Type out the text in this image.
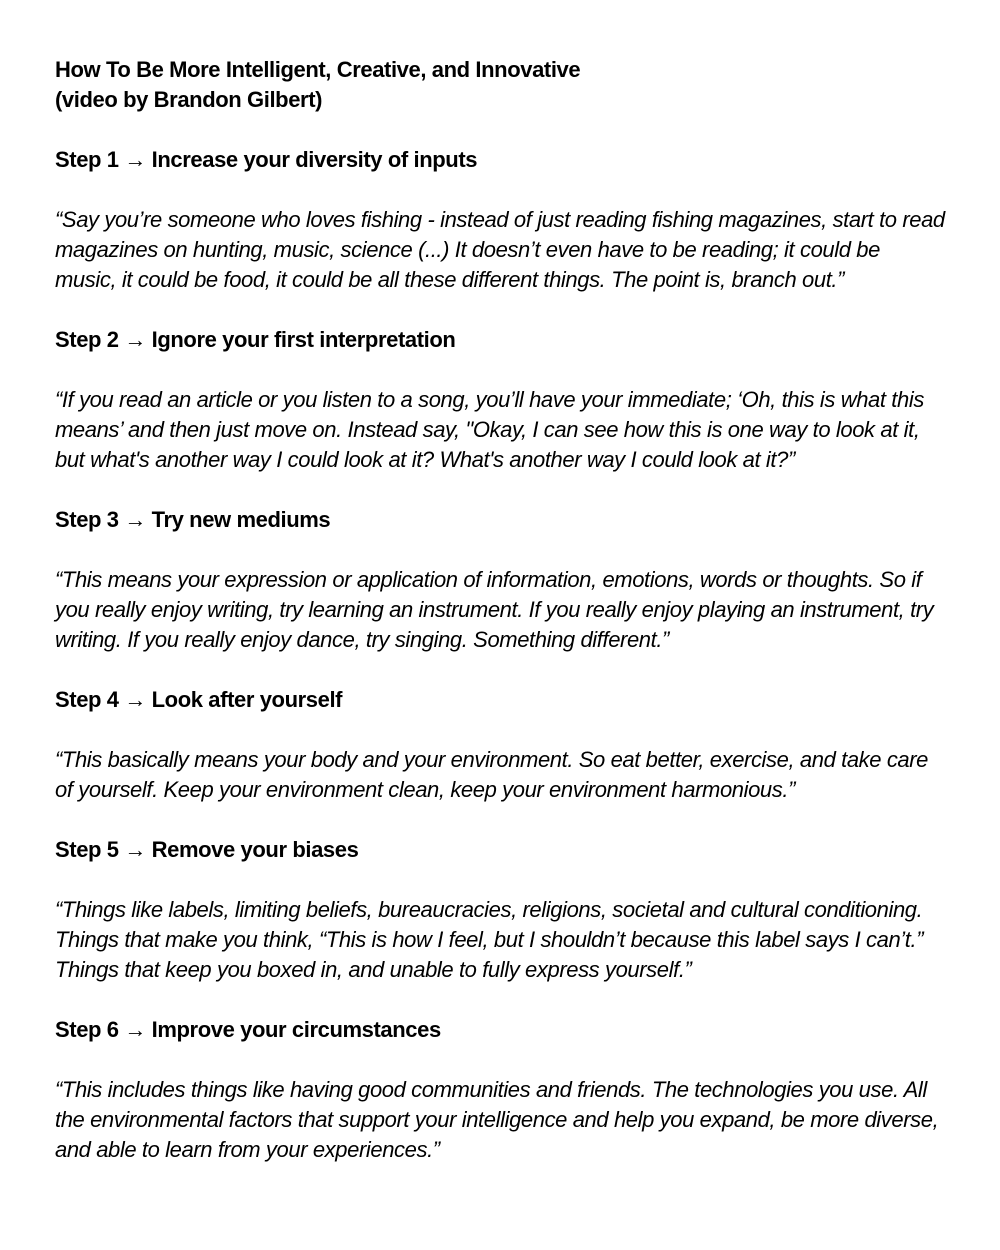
How To Be More Intelligent, Creative, and Innovative
(video by Brandon Gilbert)

Step 1 → Increase your diversity of inputs

“Say you’re someone who loves fishing - instead of just reading fishing magazines, start to read magazines on hunting, music, science (...) It doesn’t even have to be reading; it could be music, it could be food, it could be all these different things. The point is, branch out.”

Step 2 → Ignore your first interpretation

“If you read an article or you listen to a song, you’ll have your immediate; ‘Oh, this is what this means’ and then just move on. Instead say, "Okay, I can see how this is one way to look at it, but what's another way I could look at it? What's another way I could look at it?”

Step 3 → Try new mediums

“This means your expression or application of information, emotions, words or thoughts. So if you really enjoy writing, try learning an instrument. If you really enjoy playing an instrument, try writing. If you really enjoy dance, try singing. Something different.”

Step 4 → Look after yourself

“This basically means your body and your environment. So eat better, exercise, and take care of yourself. Keep your environment clean, keep your environment harmonious.”

Step 5 → Remove your biases

“Things like labels, limiting beliefs, bureaucracies, religions, societal and cultural conditioning. Things that make you think, “This is how I feel, but I shouldn’t because this label says I can’t.” Things that keep you boxed in, and unable to fully express yourself.”

Step 6 → Improve your circumstances

“This includes things like having good communities and friends. The technologies you use. All the environmental factors that support your intelligence and help you expand, be more diverse, and able to learn from your experiences.”
